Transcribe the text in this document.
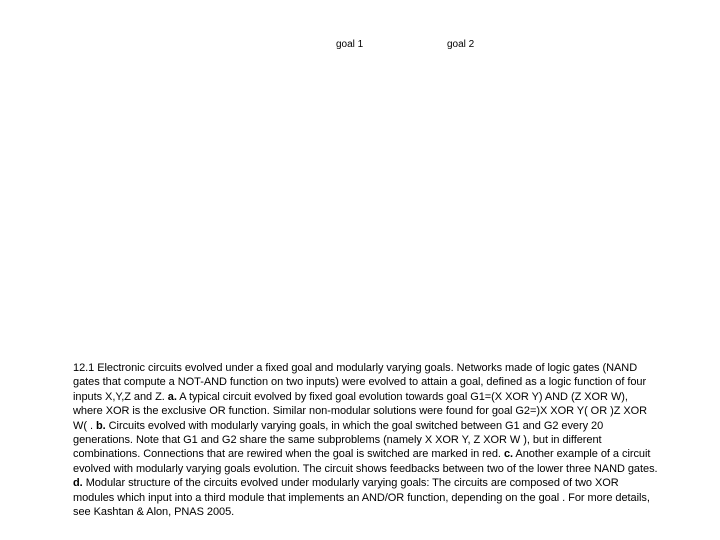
goal 1	goal 2
12.1 Electronic circuits evolved under a fixed goal and modularly varying goals. Networks made of logic gates (NAND gates that compute a NOT-AND function on two inputs) were evolved to attain a goal, defined as a logic function of four inputs X,Y,Z and Z. a. A typical circuit evolved by fixed goal evolution towards goal G1=(X XOR Y) AND (Z XOR W), where XOR is the exclusive OR function. Similar non-modular solutions were found for goal G2=)X XOR Y( OR )Z XOR W( . b. Circuits evolved with modularly varying goals, in which the goal switched between G1 and G2 every 20 generations. Note that G1 and G2 share the same subproblems (namely X XOR Y, Z XOR W ), but in different combinations. Connections that are rewired when the goal is switched are marked in red. c. Another example of a circuit evolved with modularly varying goals evolution. The circuit shows feedbacks between two of the lower three NAND gates. d. Modular structure of the circuits evolved under modularly varying goals: The circuits are composed of two XOR modules which input into a third module that implements an AND/OR function, depending on the goal . For more details, see Kashtan & Alon, PNAS 2005.
